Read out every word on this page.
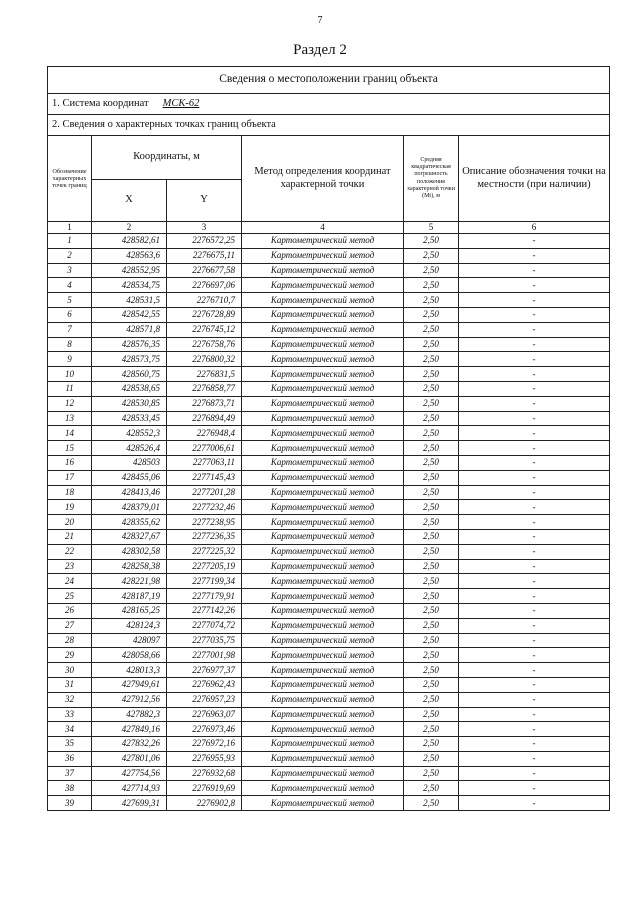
7
Раздел 2
Сведения о местоположении границ объекта					
1. Система координат МСК-62					
2. Сведения о характерных точках границ объекта					
Обозначение характерных точек границ	Координаты, м		Метод определения координат характерной точки	Средняя квадратическая погрешность положения характерной точки (Mt), м	Описание обозначения точки на местности (при наличии)
	X	Y			
1	2	3	4	5	6
1	428582,61	2276572,25	Картометрический метод	2,50	-
2	428563,6	2276675,11	Картометрический метод	2,50	-
3	428552,95	2276677,58	Картометрический метод	2,50	-
4	428534,75	2276697,06	Картометрический метод	2,50	-
5	428531,5	2276710,7	Картометрический метод	2,50	-
6	428542,55	2276728,89	Картометрический метод	2,50	-
7	428571,8	2276745,12	Картометрический метод	2,50	-
8	428576,35	2276758,76	Картометрический метод	2,50	-
9	428573,75	2276800,32	Картометрический метод	2,50	-
10	428560,75	2276831,5	Картометрический метод	2,50	-
11	428538,65	2276858,77	Картометрический метод	2,50	-
12	428530,85	2276873,71	Картометрический метод	2,50	-
13	428533,45	2276894,49	Картометрический метод	2,50	-
14	428552,3	2276948,4	Картометрический метод	2,50	-
15	428526,4	2277006,61	Картометрический метод	2,50	-
16	428503	2277063,11	Картометрический метод	2,50	-
17	428455,06	2277145,43	Картометрический метод	2,50	-
18	428413,46	2277201,28	Картометрический метод	2,50	-
19	428379,01	2277232,46	Картометрический метод	2,50	-
20	428355,62	2277238,95	Картометрический метод	2,50	-
21	428327,67	2277236,35	Картометрический метод	2,50	-
22	428302,58	2277225,32	Картометрический метод	2,50	-
23	428258,38	2277205,19	Картометрический метод	2,50	-
24	428221,98	2277199,34	Картометрический метод	2,50	-
25	428187,19	2277179,91	Картометрический метод	2,50	-
26	428165,25	2277142,26	Картометрический метод	2,50	-
27	428124,3	2277074,72	Картометрический метод	2,50	-
28	428097	2277035,75	Картометрический метод	2,50	-
29	428058,66	2277001,98	Картометрический метод	2,50	-
30	428013,3	2276977,37	Картометрический метод	2,50	-
31	427949,61	2276962,43	Картометрический метод	2,50	-
32	427912,56	2276957,23	Картометрический метод	2,50	-
33	427882,3	2276963,07	Картометрический метод	2,50	-
34	427849,16	2276973,46	Картометрический метод	2,50	-
35	427832,26	2276972,16	Картометрический метод	2,50	-
36	427801,06	2276955,93	Картометрический метод	2,50	-
37	427754,56	2276932,68	Картометрический метод	2,50	-
38	427714,93	2276919,69	Картометрический метод	2,50	-
39	427699,31	2276902,8	Картометрический метод	2,50	-
